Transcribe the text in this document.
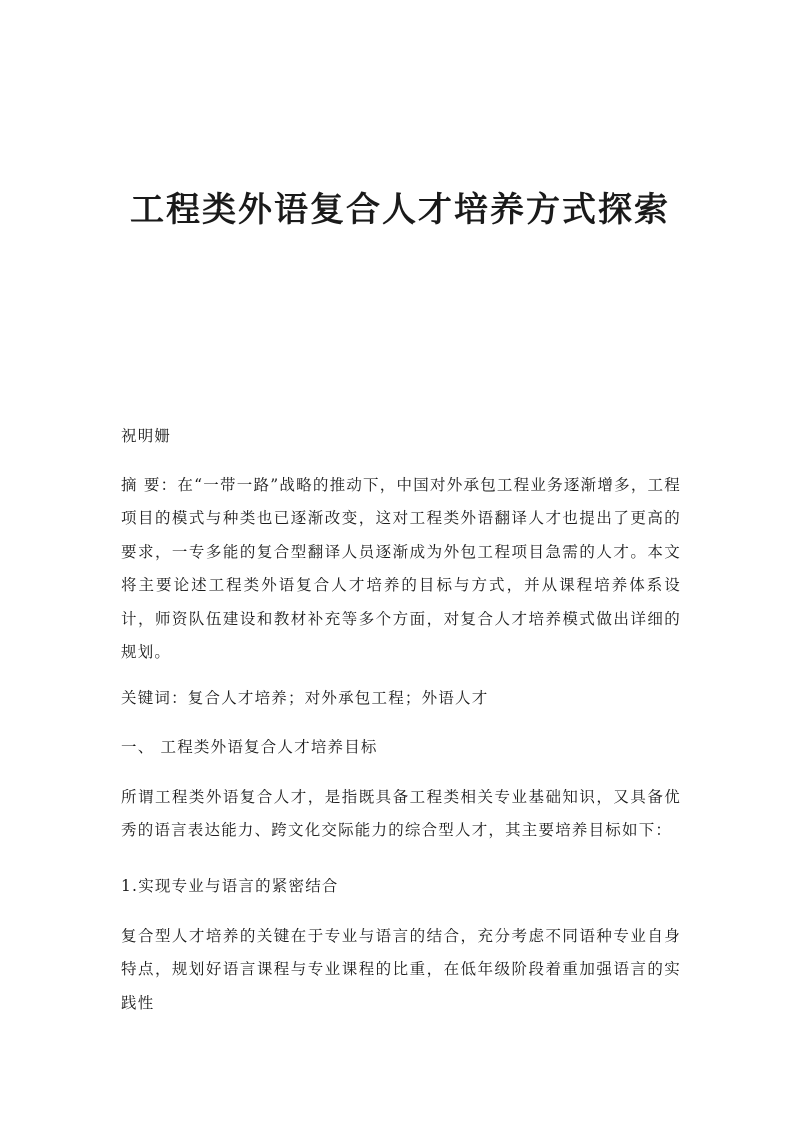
工程类外语复合人才培养方式探索

祝明姗

摘 要：在“一带一路”战略的推动下，中国对外承包工程业务逐渐增多，工程项目的模式与种类也已逐渐改变，这对工程类外语翻译人才也提出了更高的要求，一专多能的复合型翻译人员逐渐成为外包工程项目急需的人才。本文将主要论述工程类外语复合人才培养的目标与方式，并从课程培养体系设计，师资队伍建设和教材补充等多个方面，对复合人才培养模式做出详细的规划。

关键词：复合人才培养；对外承包工程；外语人才

一、 工程类外语复合人才培养目标

所谓工程类外语复合人才，是指既具备工程类相关专业基础知识，又具备优秀的语言表达能力、跨文化交际能力的综合型人才，其主要培养目标如下：

1.实现专业与语言的紧密结合

复合型人才培养的关键在于专业与语言的结合，充分考虑不同语种专业自身特点，规划好语言课程与专业课程的比重，在低年级阶段着重加强语言的实践性
